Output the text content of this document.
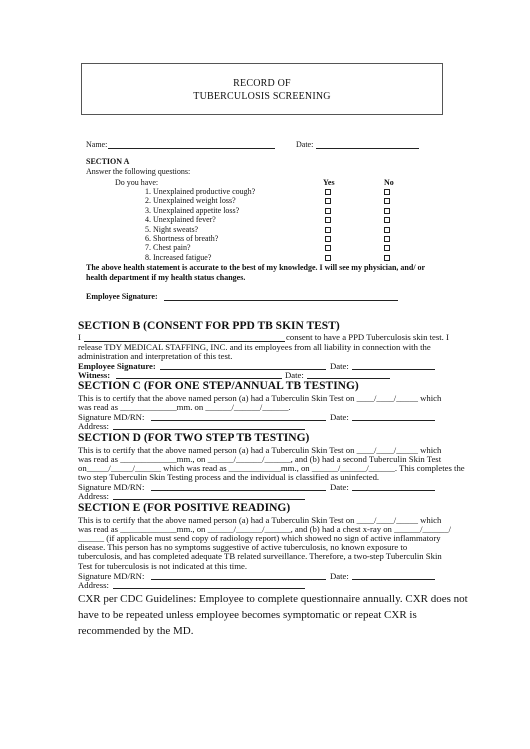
RECORD OF
TUBERCULOSIS SCREENING
Name:	Date:
SECTION A
Answer the following questions:
Do you have:	Yes	No
1. Unexplained productive cough?
2. Unexplained weight loss?
3. Unexplained appetite loss?
4. Unexplained fever?
5. Night sweats?
6. Shortness of breath?
7. Chest pain?
8. Increased fatigue?
The above health statement is accurate to the best of my knowledge. I will see my physician, and/ or
health department if my health status changes.
Employee Signature:
SECTION B (CONSENT FOR PPD TB SKIN TEST)
I	consent to have a PPD Tuberculosis skin test. I
release TDY MEDICAL STAFFING, INC. and its employees from all liability in connection with the
administration and interpretation of this test.
Employee Signature:	Date:
Witness:	Date:
SECTION C (FOR ONE STEP/ANNUAL TB TESTING)
This is to certify that the above named person (a) had a Tuberculin Skin Test on ____/____/_____ which
was read as _____________mm. on ______/______/______.
Signature MD/RN:	Date:
Address:
SECTION D (FOR TWO STEP TB TESTING)
This is to certify that the above named person (a) had a Tuberculin Skin Test on ____/____/_____ which
was read as _____________mm., on ______/______/______, and (b) had a second Tuberculin Skin Test
on_____/_____/______ which was read as ____________mm., on ______/______/______. This completes the
two step Tuberculin Skin Testing process and the individual is classified as uninfected.
Signature MD/RN:	Date:
Address:
SECTION E (FOR POSITIVE READING)
This is to certify that the above named person (a) had a Tuberculin Skin Test on ____/____/_____ which
was read as _____________mm., on ______/______/______, and (b) had a chest x-ray on ______/______/
______ (if applicable must send copy of radiology report) which showed no sign of active inflammatory
disease. This person has no symptoms suggestive of active tuberculosis, no known exposure to
tuberculosis, and has completed adequate TB related surveillance. Therefore, a two-step Tuberculin Skin
Test for tuberculosis is not indicated at this time.
Signature MD/RN:	Date:
Address:
CXR per CDC Guidelines: Employee to complete questionnaire annually. CXR does not
have to be repeated unless employee becomes symptomatic or repeat CXR is
recommended by the MD.
